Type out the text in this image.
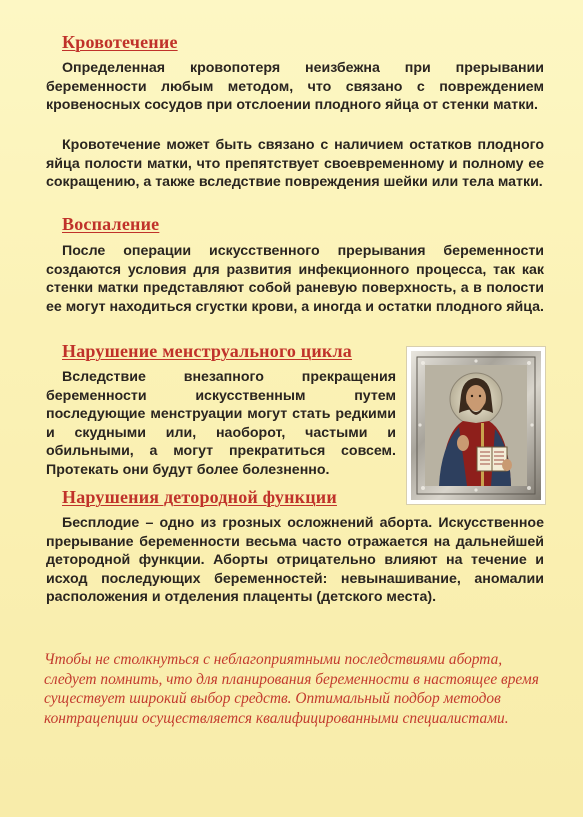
Кровотечение

Определенная кровопотеря неизбежна при прерывании беременности любым методом, что связано с повреждением кровеносных сосудов при отслоении плодного яйца от стенки матки.

Кровотечение может быть связано с наличием остатков плодного яйца полости матки, что препятствует своевременному и полному ее сокращению, а также вследствие повреждения шейки или тела матки.

Воспаление

После операции искусственного прерывания беременности создаются условия для развития инфекционного процесса, так как стенки матки представляют собой раневую поверхность, а в полости ее могут находиться сгустки крови, а иногда и остатки плодного яйца.

Нарушение менструального цикла

Вследствие внезапного прекращения беременности искусственным путем последующие менструации могут стать редкими и скудными или, наоборот, частыми и обильными, а могут прекратиться совсем. Протекать они будут более болезненно.

Нарушения детородной функции

Бесплодие – одно из грозных осложнений аборта. Искусственное прерывание беременности весьма часто отражается на дальнейшей детородной функции. Аборты отрицательно влияют на течение и исход последующих беременностей: невынашивание, аномалии расположения и отделения плаценты (детского места).

Чтобы не столкнуться с неблагоприятными последствиями аборта, следует помнить, что для планирования беременности в настоящее время существует широкий выбор средств. Оптимальный подбор методов контрацепции осуществляется квалифицированными специалистами.
